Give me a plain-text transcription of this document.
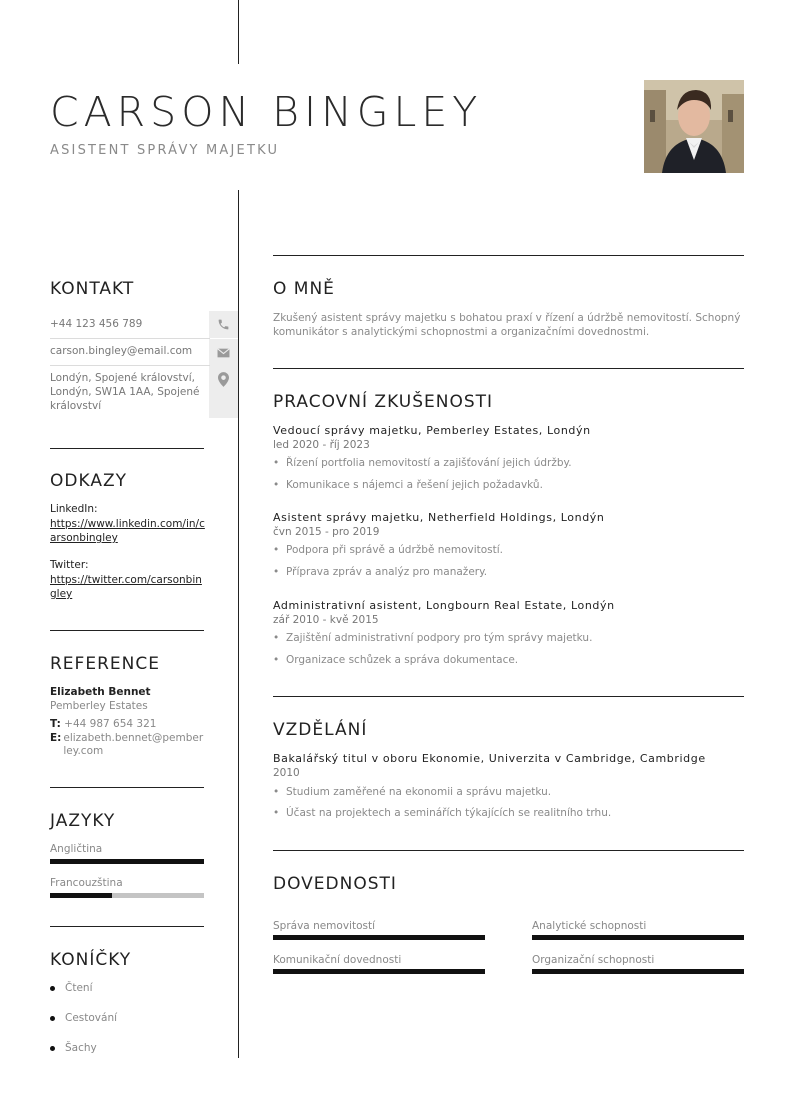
CARSON BINGLEY
ASISTENT SPRÁVY MAJETKU
KONTAKT
+44 123 456 789
carson.bingley@email.com
Londýn, Spojené království, Londýn, SW1A 1AA, Spojené království
ODKAZY
LinkedIn:
https://www.linkedin.com/in/carsonbingley
Twitter:
https://twitter.com/carsonbingley
REFERENCE
Elizabeth Bennet
Pemberley Estates
T: +44 987 654 321
E: elizabeth.bennet@pemberley.com
JAZYKY
Angličtina
Francouzština
KONÍČKY
Čtení
Cestování
Šachy
O MNĚ
Zkušený asistent správy majetku s bohatou praxí v řízení a údržbě nemovitostí. Schopný komunikátor s analytickými schopnostmi a organizačními dovednostmi.
PRACOVNÍ ZKUŠENOSTI
Vedoucí správy majetku, Pemberley Estates, Londýn
led 2020 - říj 2023
• Řízení portfolia nemovitostí a zajišťování jejich údržby.
• Komunikace s nájemci a řešení jejich požadavků.
Asistent správy majetku, Netherfield Holdings, Londýn
čvn 2015 - pro 2019
• Podpora při správě a údržbě nemovitostí.
• Příprava zpráv a analýz pro manažery.
Administrativní asistent, Longbourn Real Estate, Londýn
zář 2010 - kvě 2015
• Zajištění administrativní podpory pro tým správy majetku.
• Organizace schůzek a správa dokumentace.
VZDĚLÁNÍ
Bakalářský titul v oboru Ekonomie, Univerzita v Cambridge, Cambridge
2010
• Studium zaměřené na ekonomii a správu majetku.
• Účast na projektech a seminářích týkajících se realitního trhu.
DOVEDNOSTI
Správa nemovitostí	Analytické schopnosti
Komunikační dovednosti	Organizační schopnosti
